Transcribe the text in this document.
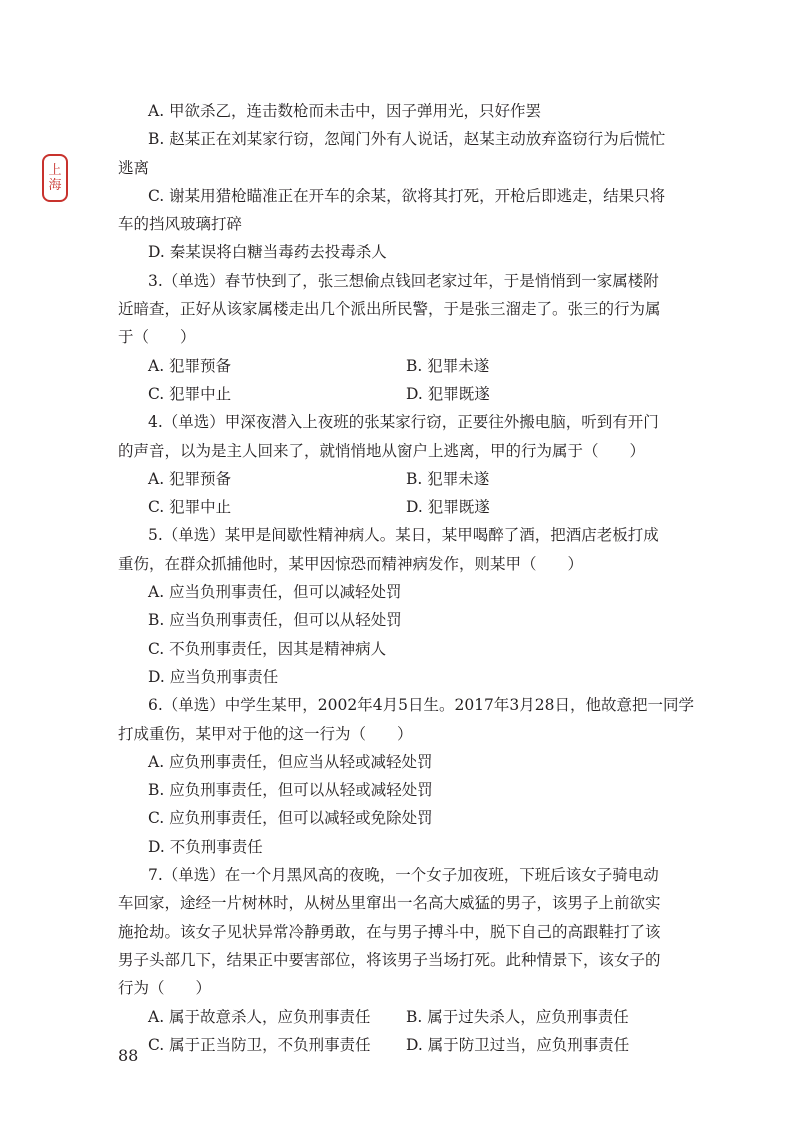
上
海
A. 甲欲杀乙，连击数枪而未击中，因子弹用光，只好作罢
B. 赵某正在刘某家行窃，忽闻门外有人说话，赵某主动放弃盗窃行为后慌忙
逃离
C. 谢某用猎枪瞄准正在开车的余某，欲将其打死，开枪后即逃走，结果只将
车的挡风玻璃打碎
D. 秦某误将白糖当毒药去投毒杀人
3.（单选）春节快到了，张三想偷点钱回老家过年，于是悄悄到一家属楼附
近暗查，正好从该家属楼走出几个派出所民警，于是张三溜走了。张三的行为属
于（　　）
A. 犯罪预备	B. 犯罪未遂
C. 犯罪中止	D. 犯罪既遂
4.（单选）甲深夜潜入上夜班的张某家行窃，正要往外搬电脑，听到有开门
的声音，以为是主人回来了，就悄悄地从窗户上逃离，甲的行为属于（　　）
A. 犯罪预备	B. 犯罪未遂
C. 犯罪中止	D. 犯罪既遂
5.（单选）某甲是间歇性精神病人。某日，某甲喝醉了酒，把酒店老板打成
重伤，在群众抓捕他时，某甲因惊恐而精神病发作，则某甲（　　）
A. 应当负刑事责任，但可以减轻处罚
B. 应当负刑事责任，但可以从轻处罚
C. 不负刑事责任，因其是精神病人
D. 应当负刑事责任
6.（单选）中学生某甲，2002年4月5日生。2017年3月28日，他故意把一同学
打成重伤，某甲对于他的这一行为（　　）
A. 应负刑事责任，但应当从轻或减轻处罚
B. 应负刑事责任，但可以从轻或减轻处罚
C. 应负刑事责任，但可以减轻或免除处罚
D. 不负刑事责任
7.（单选）在一个月黑风高的夜晚，一个女子加夜班，下班后该女子骑电动
车回家，途经一片树林时，从树丛里窜出一名高大威猛的男子，该男子上前欲实
施抢劫。该女子见状异常冷静勇敢，在与男子搏斗中，脱下自己的高跟鞋打了该
男子头部几下，结果正中要害部位，将该男子当场打死。此种情景下，该女子的
行为（　　）
A. 属于故意杀人，应负刑事责任	B. 属于过失杀人，应负刑事责任
C. 属于正当防卫，不负刑事责任	D. 属于防卫过当，应负刑事责任
88
